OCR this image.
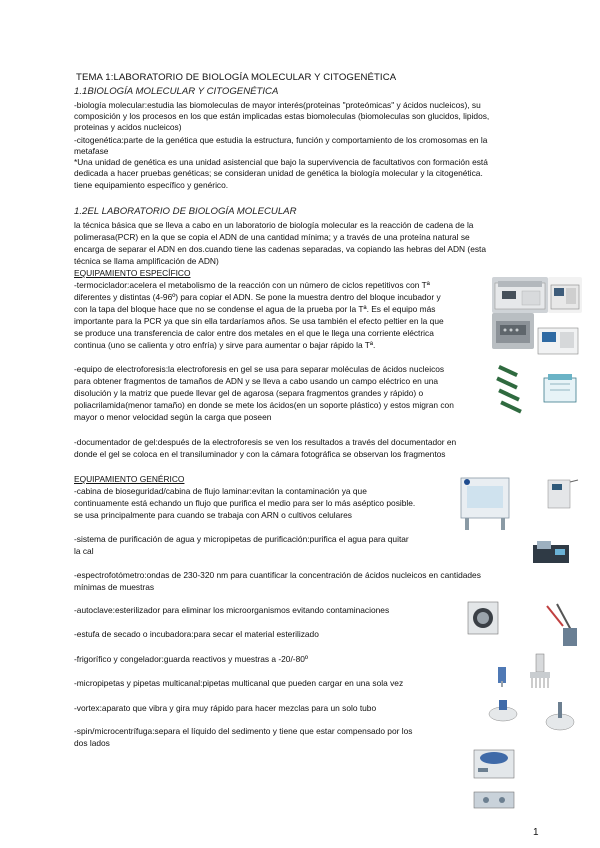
TEMA 1:LABORATORIO DE BIOLOGÍA MOLECULAR Y CITOGENÉTICA
1.1BIOLOGÍA MOLECULAR Y CITOGENÉTICA
-biología molecular:estudia las biomoleculas de mayor interés(proteinas "proteómicas" y ácidos nucleicos), su
composición y los procesos en los que están implicadas estas biomoleculas (biomoleculas son glucidos, lipidos,
proteinas y acidos nucleicos)
-citogenética:parte de la genética que estudia la estructura, función y comportamiento de los cromosomas en la
metafase
*Una unidad de genética es una unidad asistencial que bajo la supervivencia de facultativos con formación está
dedicada a hacer pruebas genéticas; se consideran unidad de genética la biología molecular y la citogenética.
tiene equipamiento específico y genérico.
1.2EL LABORATORIO DE BIOLOGÍA MOLECULAR
la técnica básica que se lleva a cabo en un laboratorio de biología molecular es la reacción de cadena de la
polimerasa(PCR) en la que se copia el ADN de una cantidad mínima; y a través de una proteína natural se
encarga de separar el ADN en dos.cuando tiene las cadenas separadas, va copiando las hebras del ADN (esta
técnica se llama amplificación de ADN)
EQUIPAMIENTO ESPECÍFICO
-termociclador:acelera el metabolismo de la reacción con un número de ciclos repetitivos con Tª
diferentes y distintas (4-96º) para copiar el ADN. Se pone la muestra dentro del bloque incubador y
con la tapa del bloque hace que no se condense el agua de la prueba por la Tª. Es el equipo más
importante para la PCR ya que sin ella tardaríamos años. Se usa también el efecto peltier en la que
se produce una transferencia de calor entre dos metales en el que le llega una corriente eléctrica
continua (uno se calienta y otro enfría) y sirve para aumentar o bajar rápido la Tª.
-equipo de electroforesis:la electroforesis en gel se usa para separar moléculas de ácidos nucleicos
para obtener fragmentos de tamaños de ADN y se lleva a cabo usando un campo eléctrico en una
disolución y la matriz que puede llevar gel de agarosa (separa fragmentos grandes y rápido) o
poliacrilamida(menor tamaño) en donde se mete los ácidos(en un soporte plástico) y estos migran con
mayor o menor velocidad según la carga que poseen
-documentador de gel:después de la electroforesis se ven los resultados a través del documentador en
donde el gel se coloca en el transiluminador y con la cámara fotográfica se observan los fragmentos
EQUIPAMIENTO GENÉRICO
-cabina de bioseguridad/cabina de flujo laminar:evitan la contaminación ya que
continuamente está echando un flujo que purifica el medio para ser lo más aséptico posible.
se usa principalmente para cuando se trabaja con ARN o cultivos celulares
-sistema de purificación de agua y micropipetas de purificación:purifica el agua para quitar
la cal
-espectrofotómetro:ondas de 230-320 nm para cuantificar la concentración de ácidos nucleicos en cantidades
mínimas de muestras
-autoclave:esterilizador para eliminar los microorganismos evitando contaminaciones
-estufa de secado o incubadora:para secar el material esterilizado
-frigorífico y congelador:guarda reactivos y muestras a -20/-80º
-micropipetas y pipetas multicanal:pipetas multicanal que pueden cargar en una sola vez
-vortex:aparato que vibra y gira muy rápido para hacer mezclas para un solo tubo
-spin/microcentrífuga:separa el líquido del sedimento y tiene que estar compensado por los
dos lados
1
